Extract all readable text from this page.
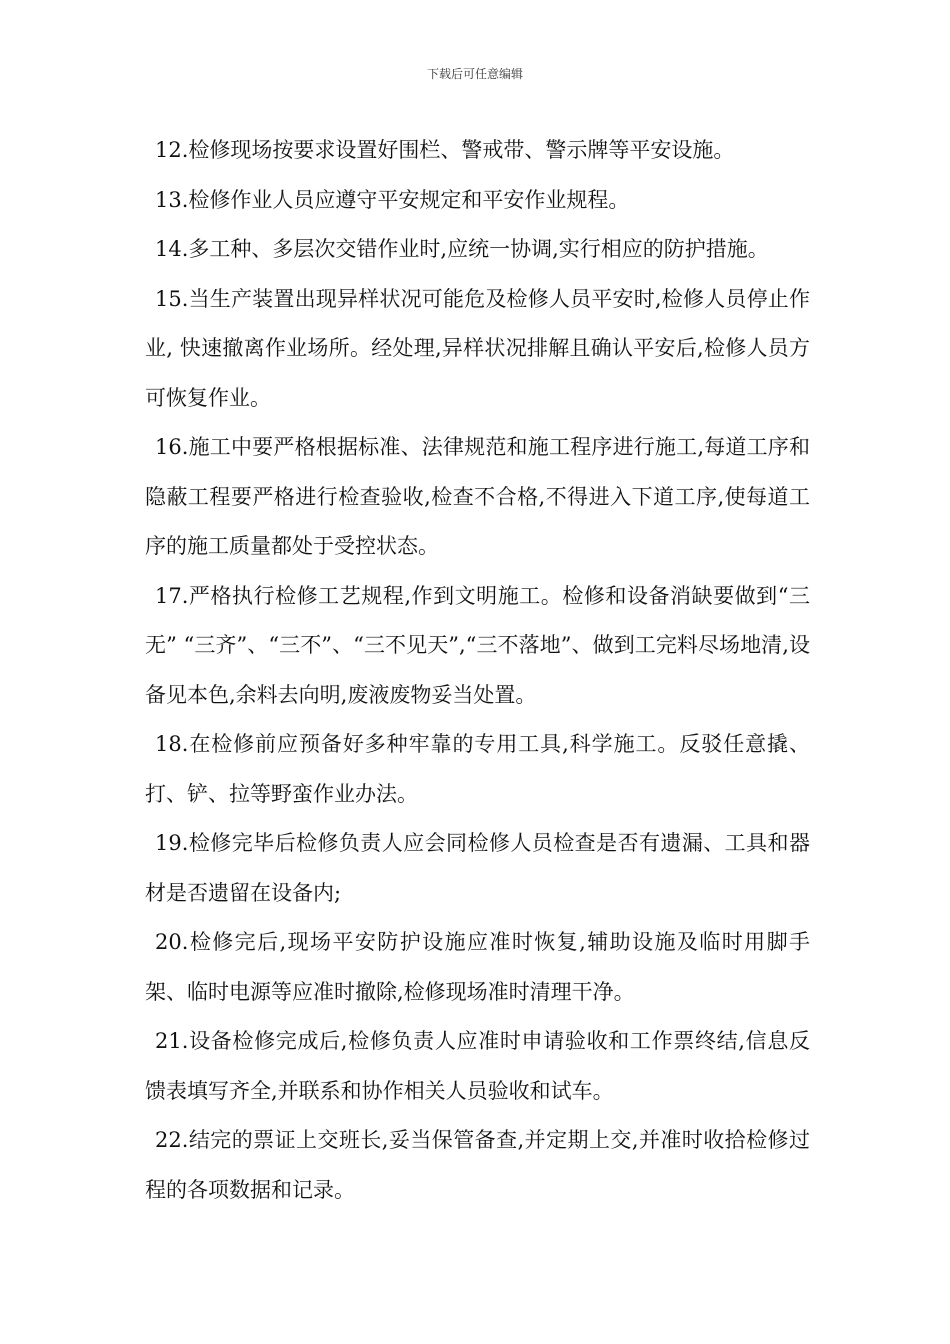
下载后可任意编辑

12.检修现场按要求设置好围栏、警戒带、警示牌等平安设施。

13.检修作业人员应遵守平安规定和平安作业规程。

14.多工种、多层次交错作业时,应统一协调,实行相应的防护措施。

15.当生产装置出现异样状况可能危及检修人员平安时,检修人员停止作业, 快速撤离作业场所。经处理,异样状况排解且确认平安后,检修人员方可恢复作业。

16.施工中要严格根据标准、法律规范和施工程序进行施工,每道工序和隐蔽工程要严格进行检查验收,检查不合格,不得进入下道工序,使每道工序的施工质量都处于受控状态。

17.严格执行检修工艺规程,作到文明施工。检修和设备消缺要做到“三无” “三齐”、“三不”、“三不见天”,“三不落地”、做到工完料尽场地清,设备见本色,余料去向明,废液废物妥当处置。

18.在检修前应预备好多种牢靠的专用工具,科学施工。反驳任意撬、打、铲、拉等野蛮作业办法。

19.检修完毕后检修负责人应会同检修人员检查是否有遗漏、工具和器材是否遗留在设备内;

20.检修完后,现场平安防护设施应准时恢复,辅助设施及临时用脚手架、临时电源等应准时撤除,检修现场准时清理干净。

21.设备检修完成后,检修负责人应准时申请验收和工作票终结,信息反馈表填写齐全,并联系和协作相关人员验收和试车。

22.结完的票证上交班长,妥当保管备查,并定期上交,并准时收拾检修过程的各项数据和记录。
